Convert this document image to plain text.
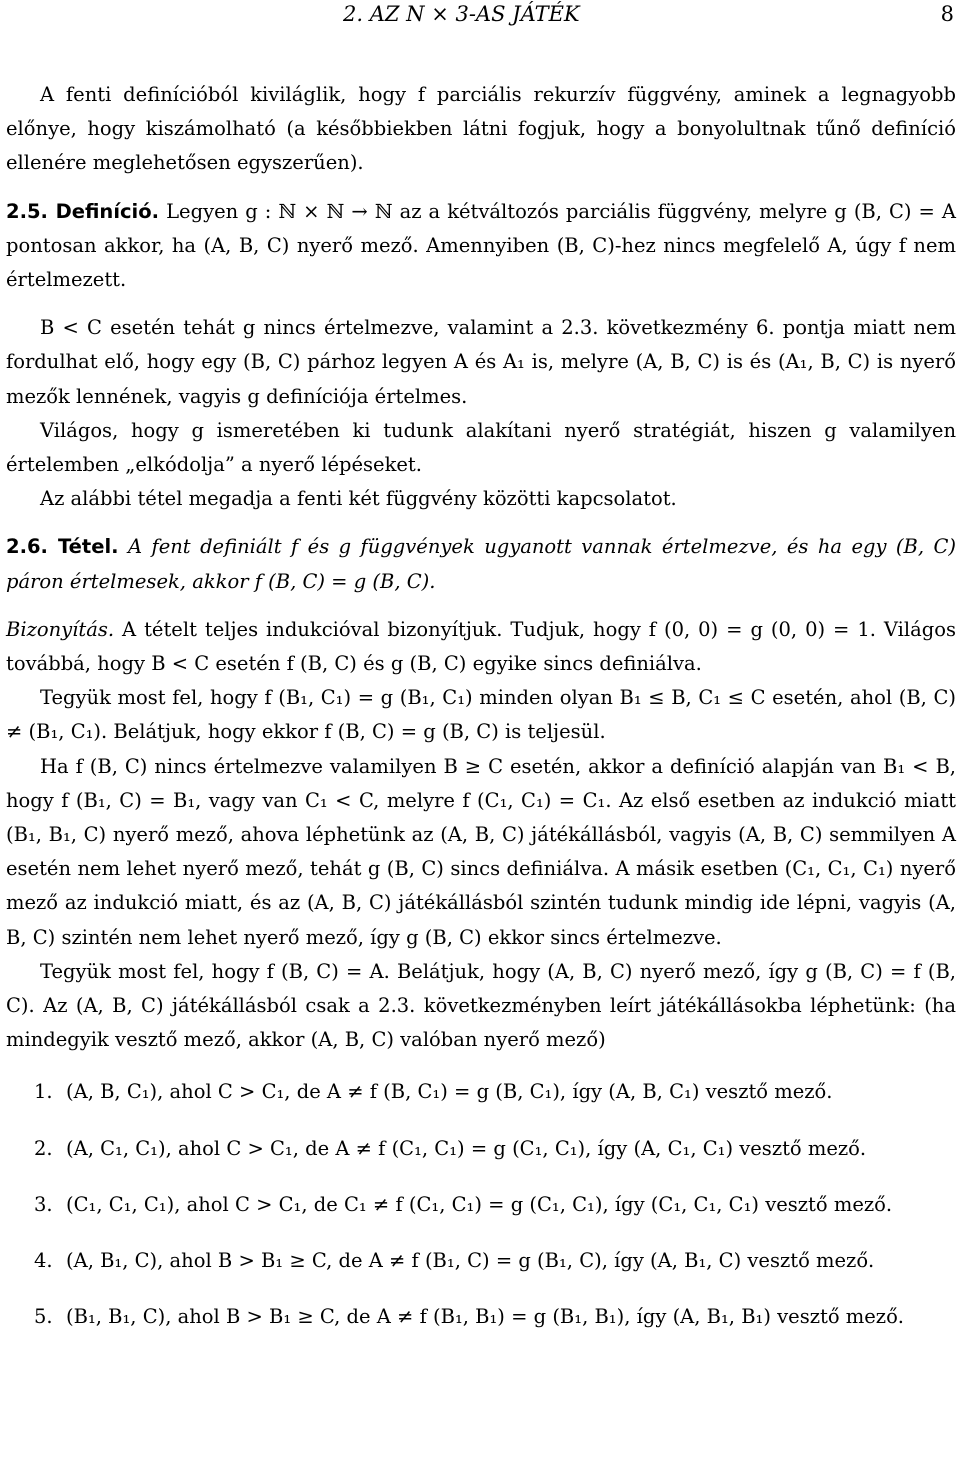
2. AZ N × 3-AS JÁTÉK	8

A fenti definícióból kiviláglik, hogy f parciális rekurzív függvény, aminek a legnagyobb előnye, hogy kiszámolható (a későbbiekben látni fogjuk, hogy a bonyolultnak tűnő definíció ellenére meglehetősen egyszerűen).

2.5. Definíció. Legyen g : ℕ × ℕ → ℕ az a kétváltozós parciális függvény, melyre g (B, C) = A pontosan akkor, ha (A, B, C) nyerő mező. Amennyiben (B, C)-hez nincs megfelelő A, úgy f nem értelmezett.

B < C esetén tehát g nincs értelmezve, valamint a 2.3. következmény 6. pontja miatt nem fordulhat elő, hogy egy (B, C) párhoz legyen A és A₁ is, melyre (A, B, C) is és (A₁, B, C) is nyerő mezők lennének, vagyis g definíciója értelmes.

Világos, hogy g ismeretében ki tudunk alakítani nyerő stratégiát, hiszen g valamilyen értelemben „elkódolja” a nyerő lépéseket.

Az alábbi tétel megadja a fenti két függvény közötti kapcsolatot.

2.6. Tétel. A fent definiált f és g függvények ugyanott vannak értelmezve, és ha egy (B, C) páron értelmesek, akkor f (B, C) = g (B, C).

Bizonyítás. A tételt teljes indukcióval bizonyítjuk. Tudjuk, hogy f (0, 0) = g (0, 0) = 1. Világos továbbá, hogy B < C esetén f (B, C) és g (B, C) egyike sincs definiálva.

Tegyük most fel, hogy f (B₁, C₁) = g (B₁, C₁) minden olyan B₁ ≤ B, C₁ ≤ C esetén, ahol (B, C) ≠ (B₁, C₁). Belátjuk, hogy ekkor f (B, C) = g (B, C) is teljesül.

Ha f (B, C) nincs értelmezve valamilyen B ≥ C esetén, akkor a definíció alapján van B₁ < B, hogy f (B₁, C) = B₁, vagy van C₁ < C, melyre f (C₁, C₁) = C₁. Az első esetben az indukció miatt (B₁, B₁, C) nyerő mező, ahova léphetünk az (A, B, C) játékállásból, vagyis (A, B, C) semmilyen A esetén nem lehet nyerő mező, tehát g (B, C) sincs definiálva. A másik esetben (C₁, C₁, C₁) nyerő mező az indukció miatt, és az (A, B, C) játékállásból szintén tudunk mindig ide lépni, vagyis (A, B, C) szintén nem lehet nyerő mező, így g (B, C) ekkor sincs értelmezve.

Tegyük most fel, hogy f (B, C) = A. Belátjuk, hogy (A, B, C) nyerő mező, így g (B, C) = f (B, C). Az (A, B, C) játékállásból csak a 2.3. következményben leírt játékállásokba léphetünk: (ha mindegyik vesztő mező, akkor (A, B, C) valóban nyerő mező)

1. (A, B, C₁), ahol C > C₁, de A ≠ f (B, C₁) = g (B, C₁), így (A, B, C₁) vesztő mező.
2. (A, C₁, C₁), ahol C > C₁, de A ≠ f (C₁, C₁) = g (C₁, C₁), így (A, C₁, C₁) vesztő mező.
3. (C₁, C₁, C₁), ahol C > C₁, de C₁ ≠ f (C₁, C₁) = g (C₁, C₁), így (C₁, C₁, C₁) vesztő mező.
4. (A, B₁, C), ahol B > B₁ ≥ C, de A ≠ f (B₁, C) = g (B₁, C), így (A, B₁, C) vesztő mező.
5. (B₁, B₁, C), ahol B > B₁ ≥ C, de A ≠ f (B₁, B₁) = g (B₁, B₁), így (A, B₁, B₁) vesztő mező.
